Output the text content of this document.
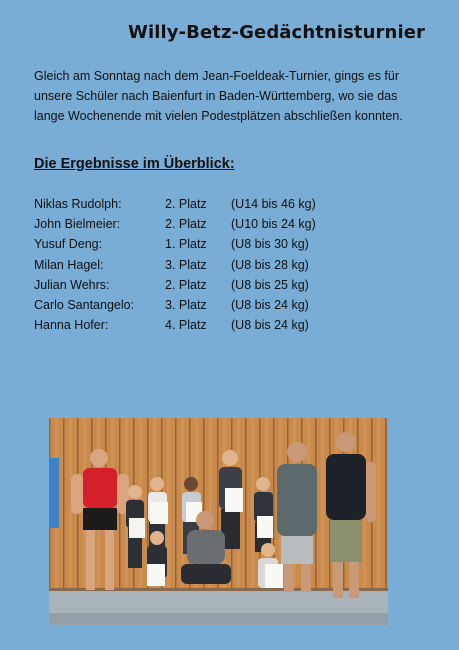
Willy-Betz-Gedächtnisturnier
Gleich am Sonntag nach dem Jean-Foeldeak-Turnier, gings es für unsere Schüler nach Baienfurt in Baden-Württemberg, wo sie das lange Wochenende mit vielen Podestplätzen abschließen konnten.
Die Ergebnisse im Überblick:
Niklas Rudolph:	2. Platz	(U14 bis 46 kg)
John Bielmeier:	2. Platz	(U10 bis 24 kg)
Yusuf Deng:	1. Platz	(U8 bis 30 kg)
Milan Hagel:	3. Platz	(U8 bis 28 kg)
Julian Wehrs:	2. Platz	(U8 bis 25 kg)
Carlo Santangelo:	3. Platz	(U8 bis 24 kg)
Hanna Hofer:	4. Platz	(U8 bis 24 kg)
